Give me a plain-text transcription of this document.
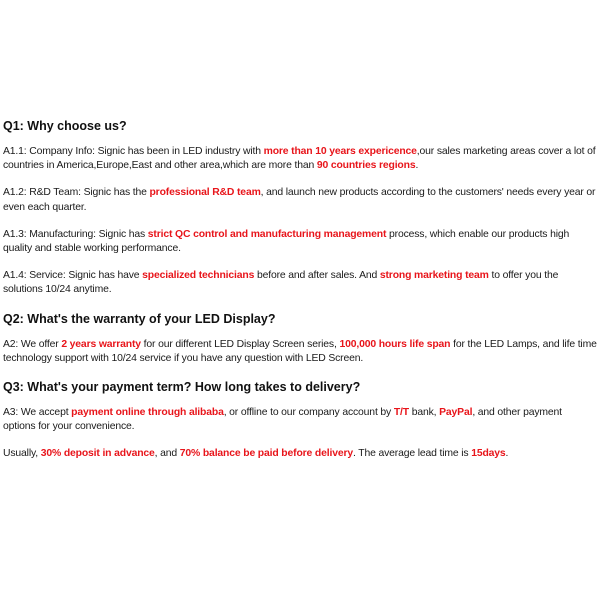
Q1: Why choose us?
A1.1: Company Info: Signic has been in LED industry with more than 10 years expericence,our sales marketing areas cover a lot of countries in America,Europe,East and other area,which are more than 90 countries regions.
A1.2: R&D Team: Signic has the professional R&D team, and launch new products according to the customers' needs every year or even each quarter.
A1.3: Manufacturing: Signic has strict QC control and manufacturing management process, which enable our products high quality and stable working performance.
A1.4: Service: Signic has have specialized technicians before and after sales. And strong marketing team to offer you the solutions 10/24 anytime.
Q2: What's the warranty of your LED Display?
A2: We offer 2 years warranty for our different LED Display Screen series, 100,000 hours life span for the LED Lamps, and life time technology support with 10/24 service if you have any question with LED Screen.
Q3: What's your payment term? How long takes to delivery?
A3: We accept payment online through alibaba, or offline to our company account by T/T bank, PayPal, and other payment options for your convenience.
Usually, 30% deposit in advance, and 70% balance be paid before delivery. The average lead time is 15days.
